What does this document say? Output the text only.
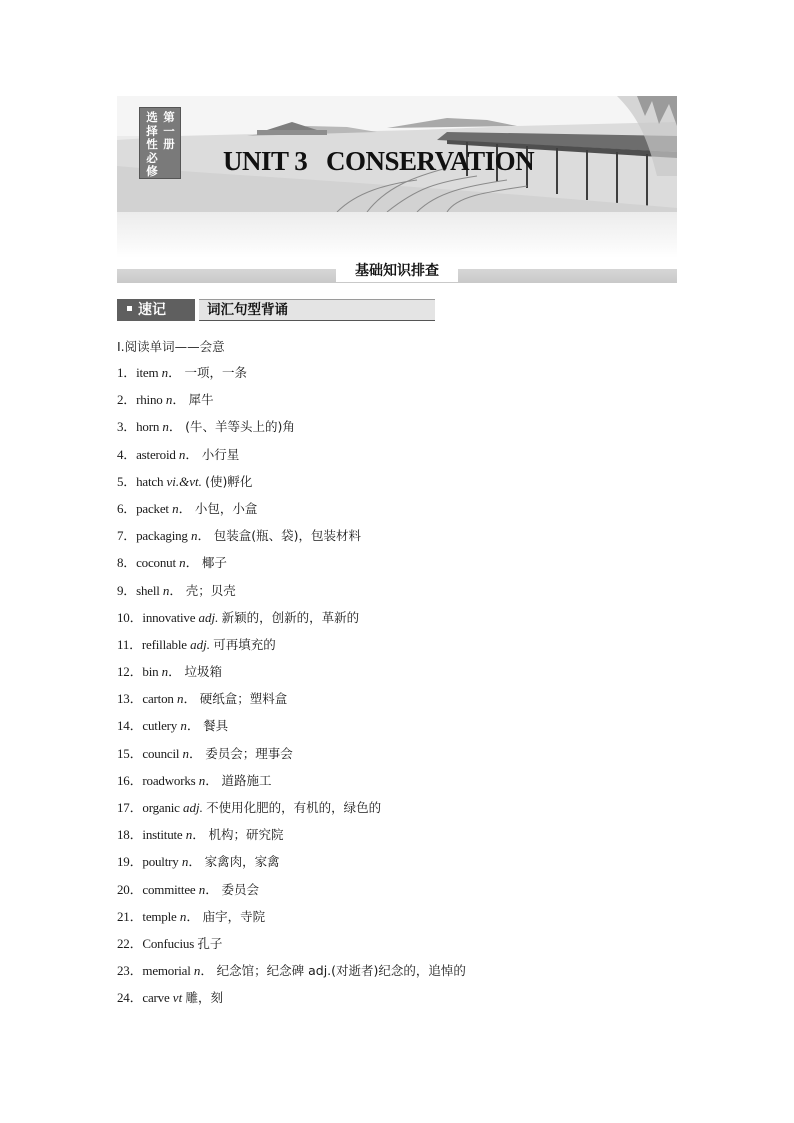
选
择
性
必
修
第
一
册
UNIT 3   CONSERVATION
基础知识排查
速记	词汇句型背诵
Ⅰ.阅读单词——会意
1．item n． 一项，一条
2．rhino n． 犀牛
3．horn n． (牛、羊等头上的)角
4．asteroid n． 小行星
5．hatch vi.&vt. (使)孵化
6．packet n． 小包，小盒
7．packaging n． 包装盒(瓶、袋)，包装材料
8．coconut n． 椰子
9．shell n． 壳；贝壳
10．innovative adj. 新颖的，创新的，革新的
11．refillable adj. 可再填充的
12．bin n． 垃圾箱
13．carton n． 硬纸盒；塑料盒
14．cutlery n． 餐具
15．council n． 委员会；理事会
16．roadworks n． 道路施工
17．organic adj. 不使用化肥的，有机的，绿色的
18．institute n． 机构；研究院
19．poultry n． 家禽肉，家禽
20．committee n． 委员会
21．temple n． 庙宇，寺院
22．Confucius 孔子
23．memorial n． 纪念馆；纪念碑 adj.(对逝者)纪念的，追悼的
24．carve vt 雕，刻
